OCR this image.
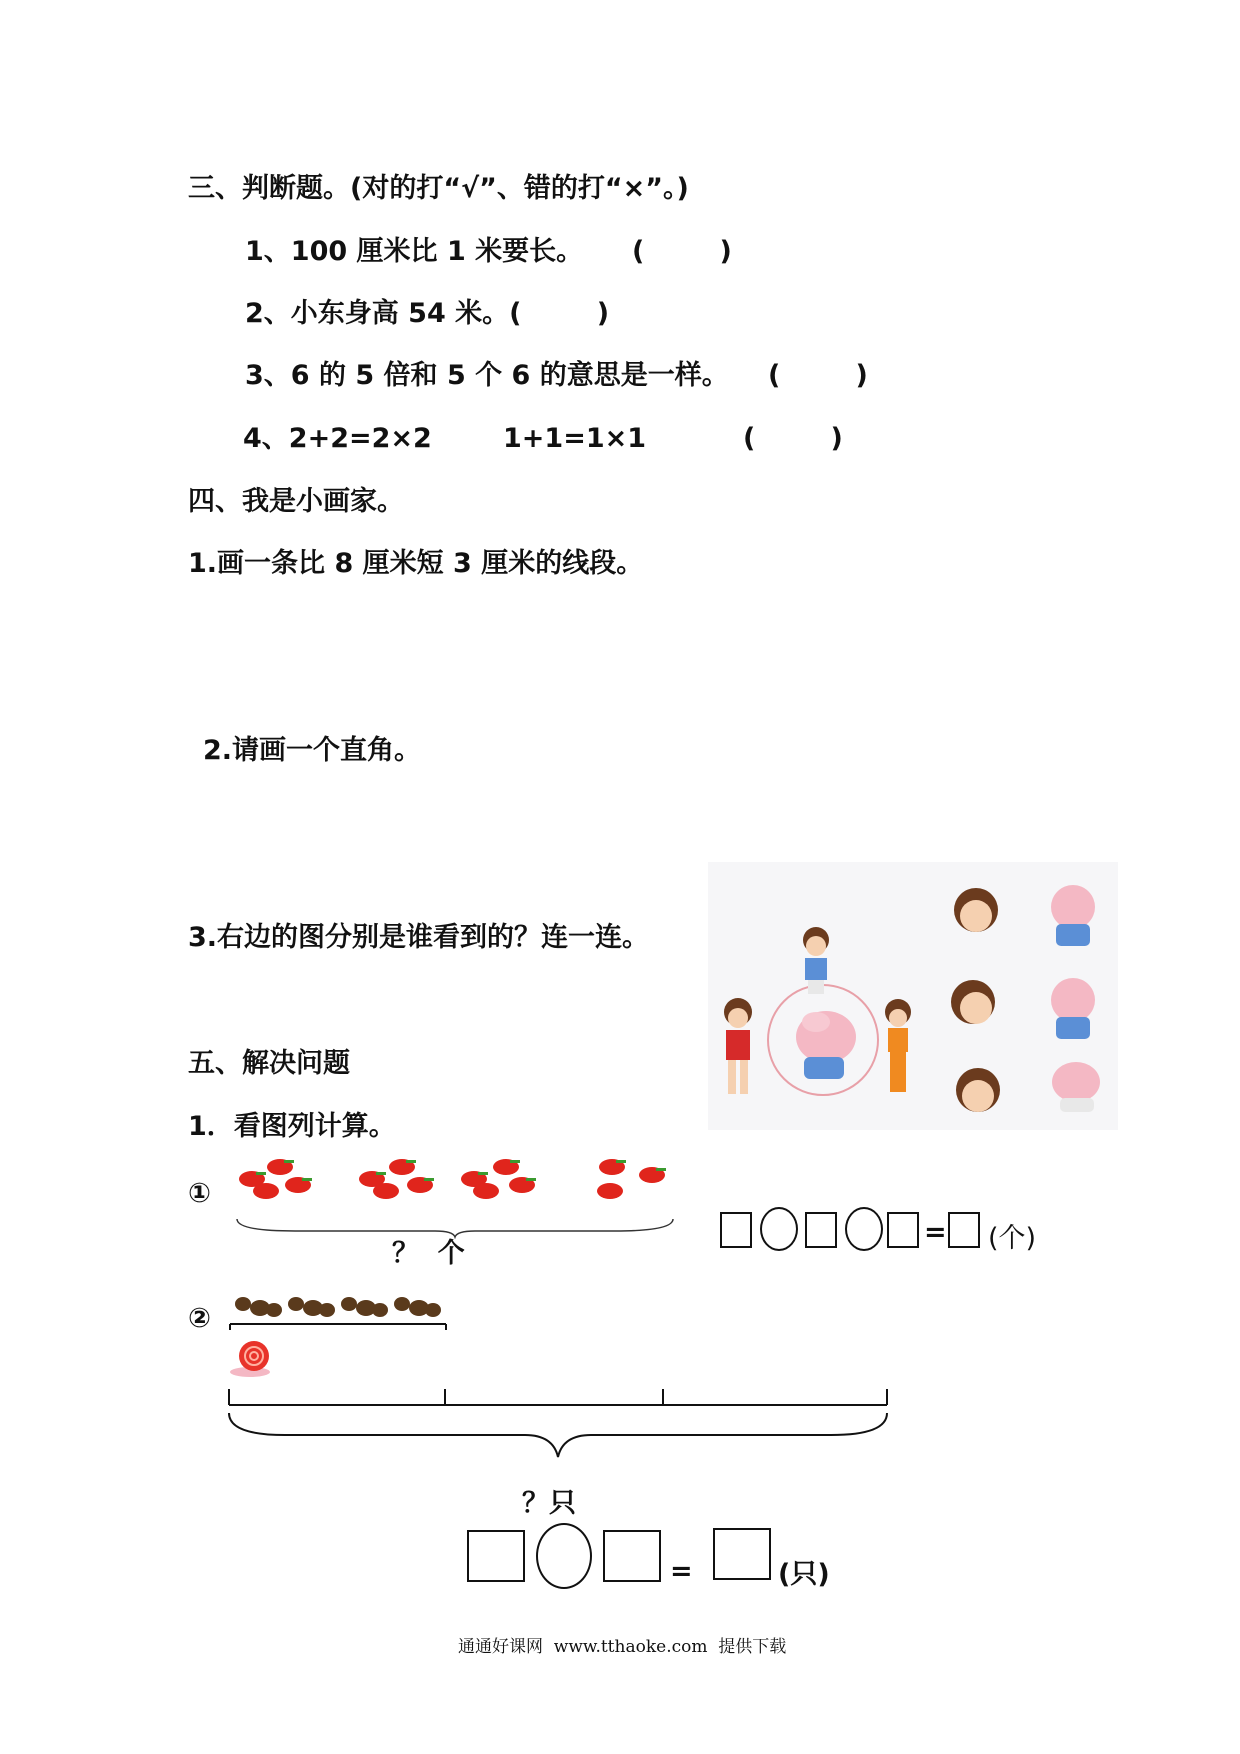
三、判断题。(对的打“√”、错的打“×”。)
1、100 厘米比 1 米要长。 (        )
2、小东身高 54 米。(        )
3、6 的 5 倍和 5 个 6 的意思是一样。 (        )
4、2+2=2×2	1+1=1×1	(        )
四、我是小画家。
1.画一条比 8 厘米短 3 厘米的线段。
2.请画一个直角。
3.右边的图分别是谁看到的？连一连。
五、解决问题
1．看图列计算。
①
？  个
= (个)
②
？只
=	(只)
通通好课网  www.tthaoke.com  提供下载
